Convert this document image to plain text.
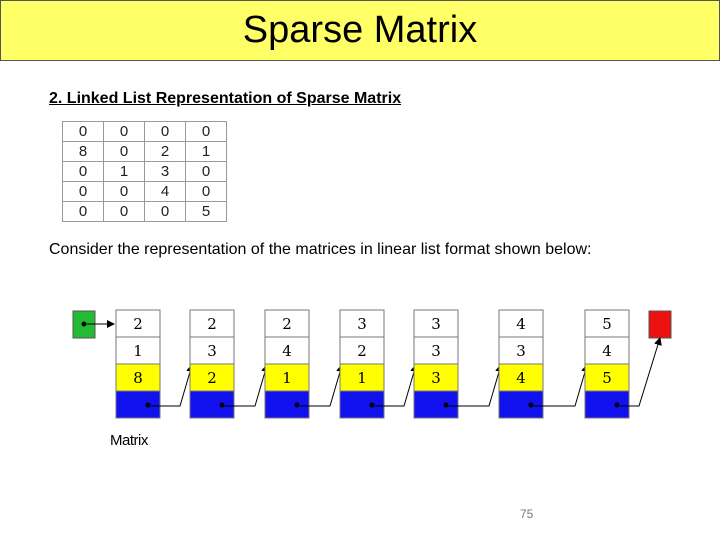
Sparse Matrix
2. Linked List Representation of Sparse Matrix
0	0	0	0
8	0	2	1
0	1	3	0
0	0	4	0
0	0	0	5
Consider the representation of the matrices in linear list format shown below:
2
1
8
2
3
2
2
4
1
3
2
1
3
3
3
4
3
4
5
4
5
Matrix
75
